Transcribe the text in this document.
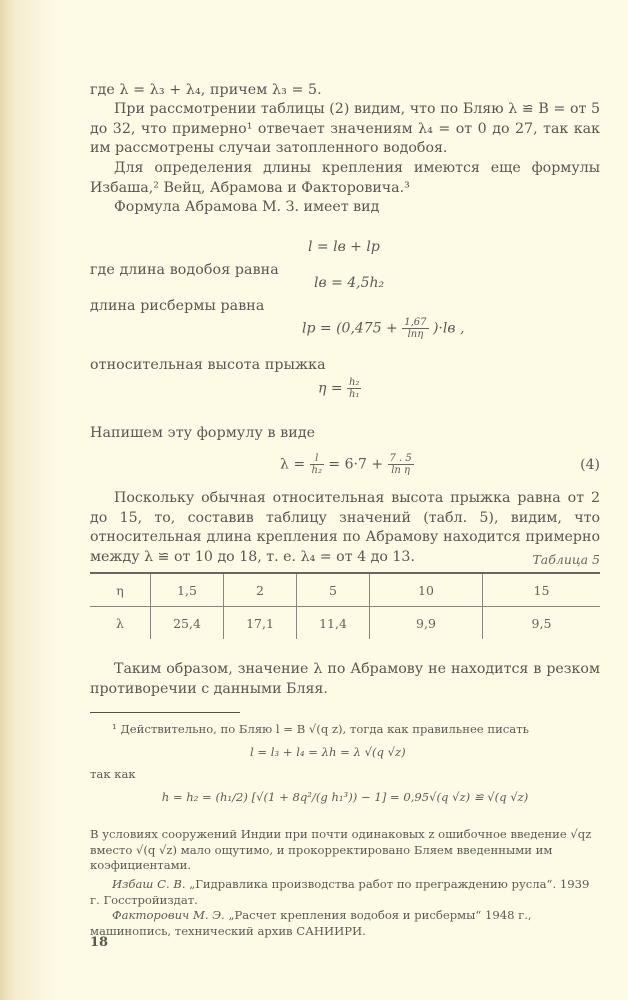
где λ = λ₃ + λ₄, причем λ₃ = 5.
При рассмотрении таблицы (2) видим, что по Бляю λ ≌ B = от 5 до 32, что примерно¹ отвечает значениям λ₄ = от 0 до 27, так как им рассмотрены случаи затопленного водобоя.
Для определения длины крепления имеются еще формулы Избаша,² Вейц, Абрамова и Факторовича.³
Формула Абрамова М. З. имеет вид
l = lв + lр
где длина водобоя равна
lв = 4,5h₂
длина рисбермы равна
lр = $(0,475 + \frac{1,67}{\ln\eta} )\cdot lв$ ,
относительная высота прыжка
$\eta = \frac{\text{h₂}}{\text{h₁}}$
Напишем эту формулу в виде
$\lambda = \frac{l}{\text{h₂}} = 6\cdot 7 + \frac{7 . 5}{\text{ln η}}$	(4)
Поскольку обычная относительная высота прыжка равна от 2 до 15, то, составив таблицу значений (табл. 5), видим, что относительная длина крепления по Абрамову находится примерно между λ ≌ от 10 до 18, т. е. λ₄ = от 4 до 13.	Таблица 5
η	1,5	2	5	10	15
λ	25,4	17,1	11,4	9,9	9,5
Таким образом, значение λ по Абрамову не находится в резком противоречии с данными Бляя.
¹ Действительно, по Бляю l = B √(q z), тогда как правильнее писать
l = l₃ + l₄ = λh = λ √(q √z)
так как
h = h₂ = (h₁/2) [√(1 + 8q²/(g h₁³)) − 1] = 0,95√(q √z) ≌ √(q √z)
В условиях сооружений Индии при почти одинаковых z ошибочное введение √qz вместо √(q √z) мало ощутимо, и прокорректировано Бляем введенными им коэфициентами.
Избаш С. В. „Гидравлика производства работ по преграждению русла“. 1939 г. Госстройиздат.
Факторович М. Э. „Расчет крепления водобоя и рисбермы“ 1948 г., машинопись, технический архив САНИИРИ.
18
